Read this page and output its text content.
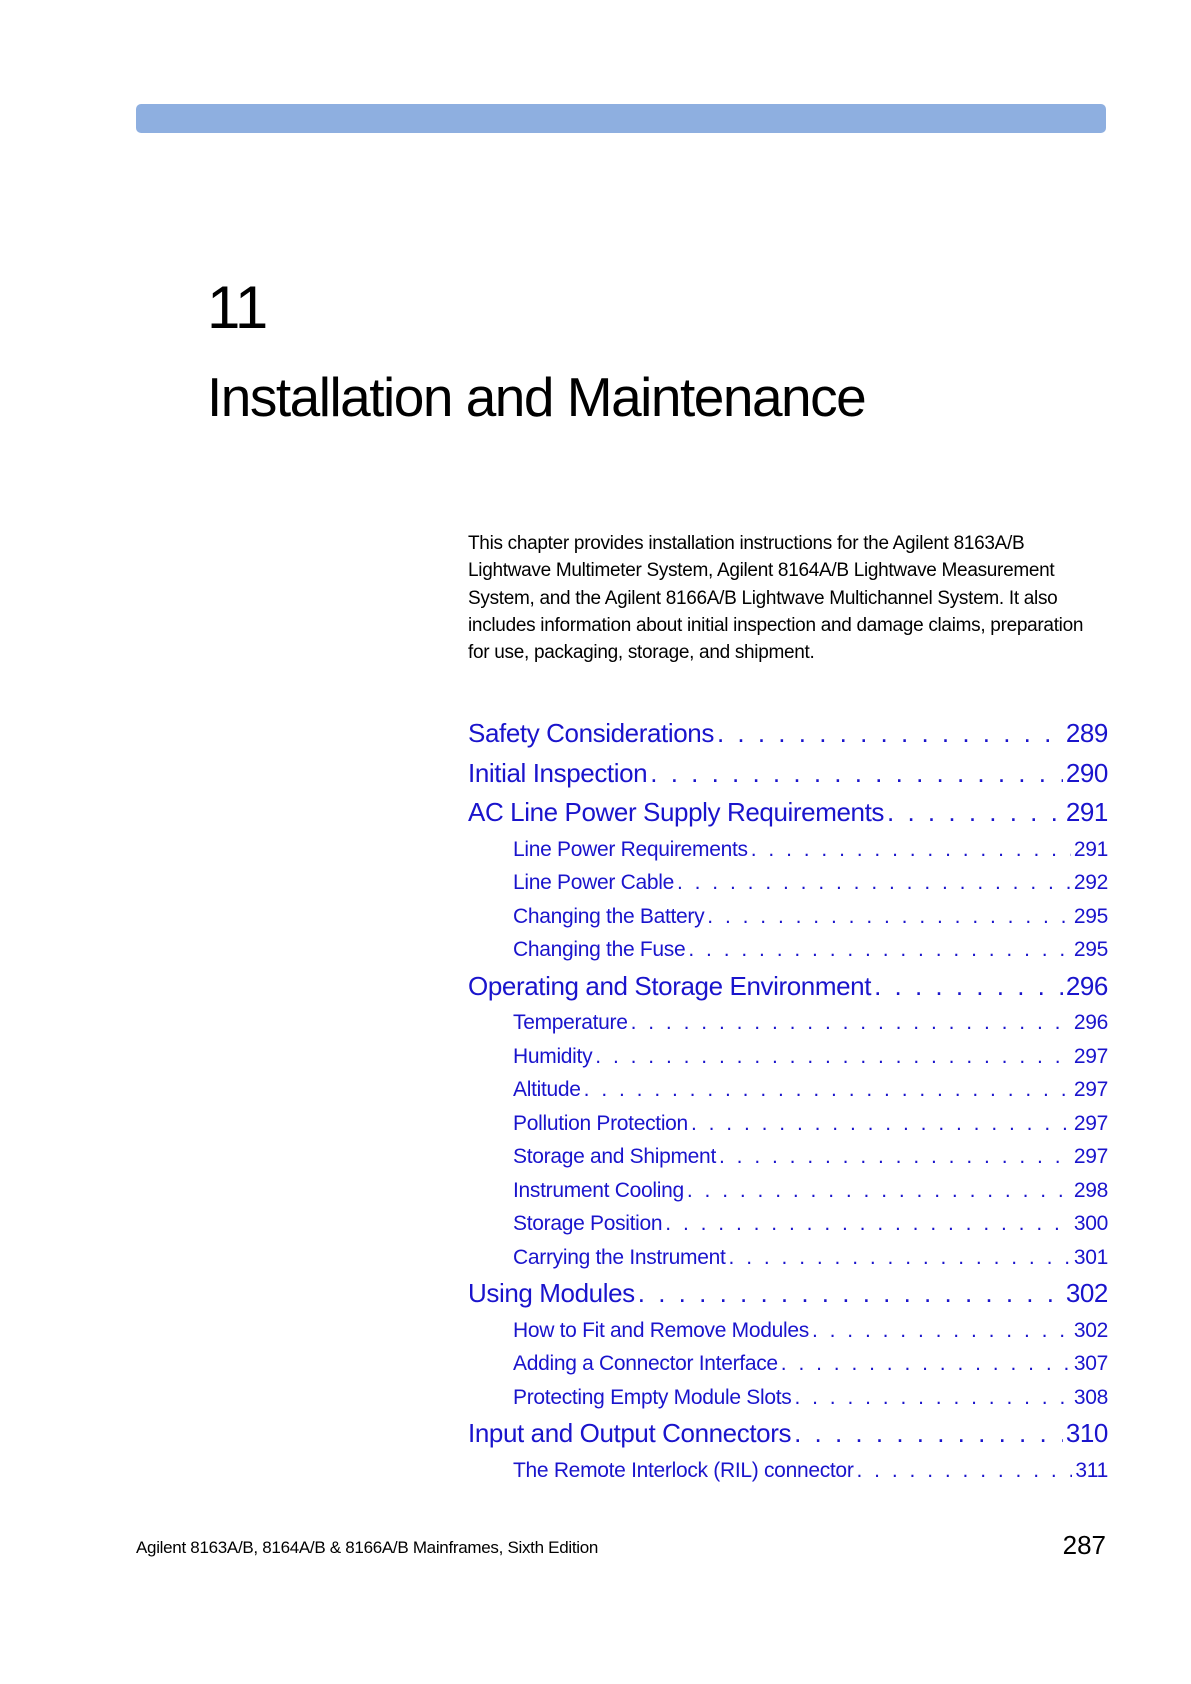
11
Installation and Maintenance

This chapter provides installation instructions for the Agilent 8163A/B Lightwave Multimeter System, Agilent 8164A/B Lightwave Measurement System, and the Agilent 8166A/B Lightwave Multichannel System. It also includes information about initial inspection and damage claims, preparation for use, packaging, storage, and shipment.

Safety Considerations . . .	289
Initial Inspection . . .	290
AC Line Power Supply Requirements . . .	291
Line Power Requirements . . .	291
Line Power Cable . . .	292
Changing the Battery . . .	295
Changing the Fuse . . .	295
Operating and Storage Environment . . .	296
Temperature . . .	296
Humidity . . .	297
Altitude . . .	297
Pollution Protection . . .	297
Storage and Shipment . . .	297
Instrument Cooling . . .	298
Storage Position . . .	300
Carrying the Instrument . . .	301
Using Modules . . .	302
How to Fit and Remove Modules . . .	302
Adding a Connector Interface . . .	307
Protecting Empty Module Slots . . .	308
Input and Output Connectors . . .	310
The Remote Interlock (RIL) connector . . .	311
Agilent 8163A/B, 8164A/B & 8166A/B Mainframes, Sixth Edition	287
